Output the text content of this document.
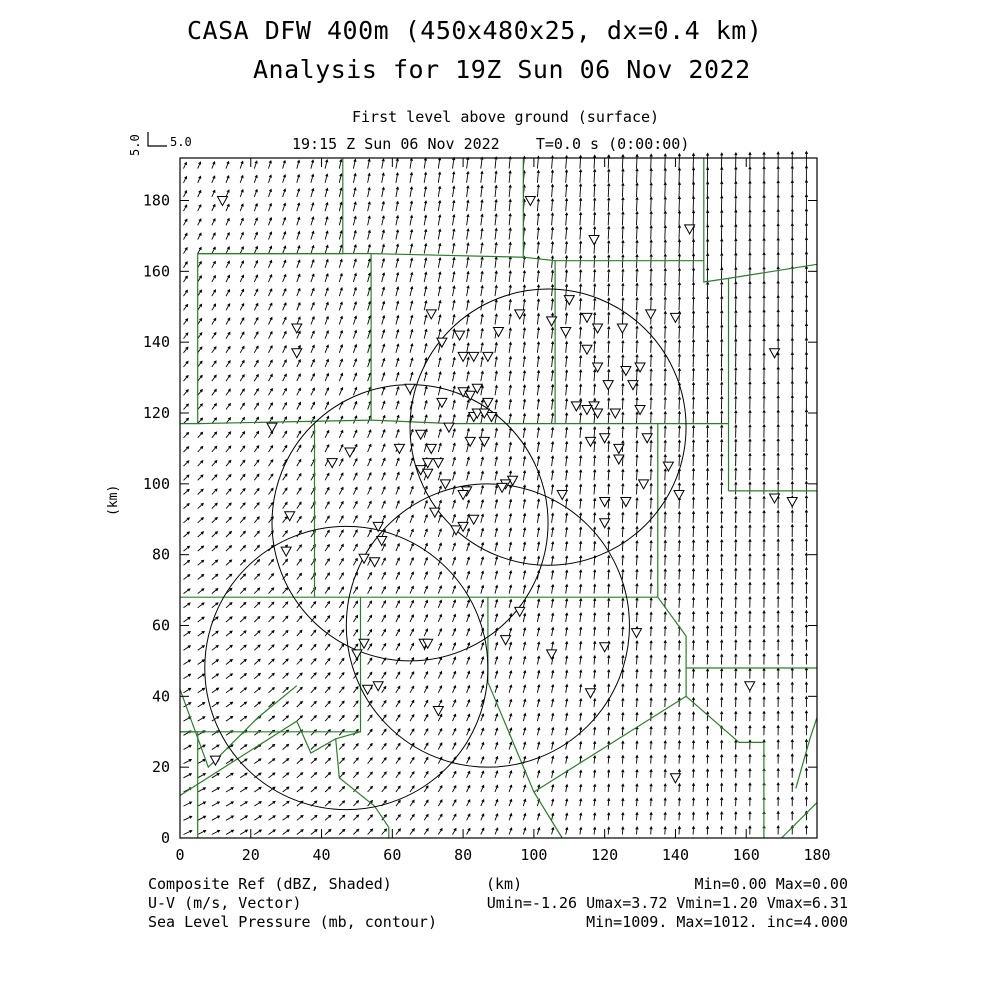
CASA DFW 400m (450x480x25, dx=0.4 km)
Analysis for 19Z Sun 06 Nov 2022
First level above ground (surface)
19:15 Z Sun 06 Nov 2022    T=0.0 s (0:00:00)
5.0 5.0
0	20	40	60	80	100	120	140	160	180
0
20
40
60
80
100
120
140
160
180
(km)
Composite Ref (dBZ, Shaded)
U-V (m/s, Vector)
Sea Level Pressure (mb, contour)
(km)	Min=0.00 Max=0.00
Umin=-1.26 Umax=3.72 Vmin=1.20 Vmax=6.31
Min=1009. Max=1012. inc=4.000
